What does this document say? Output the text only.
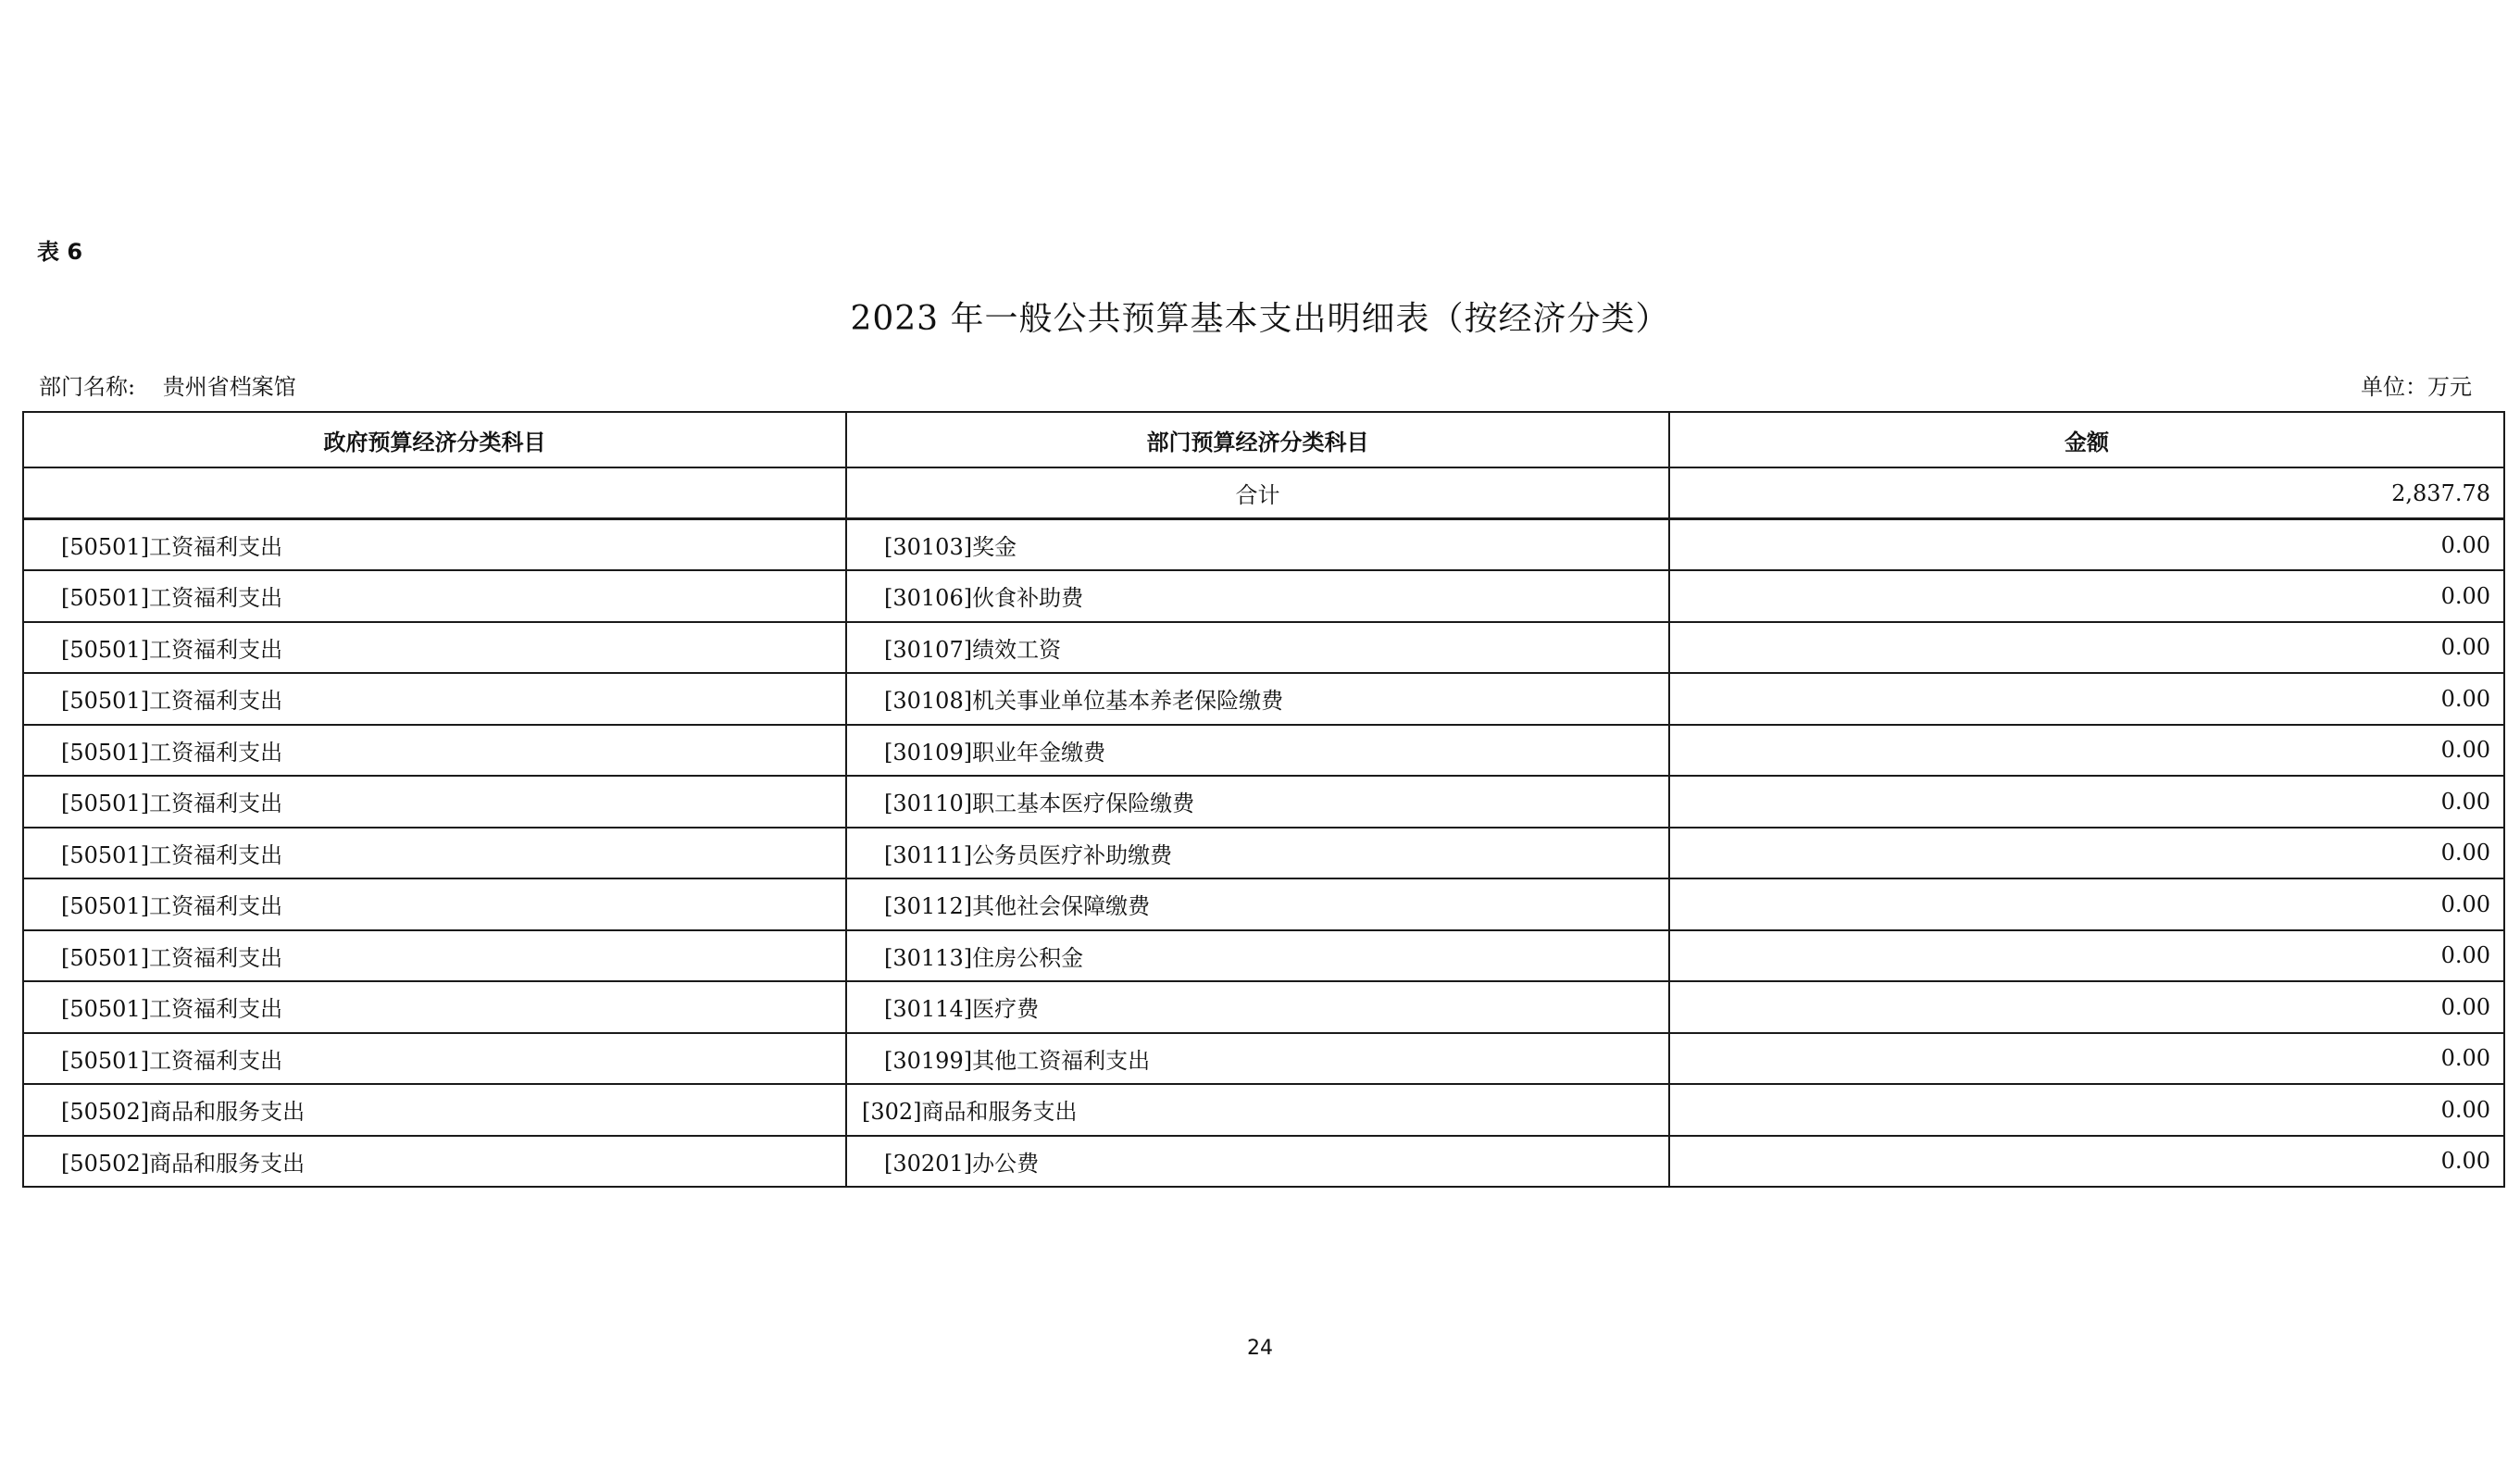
表 6
2023 年一般公共预算基本支出明细表（按经济分类）
部门名称: 贵州省档案馆	单位：万元
政府预算经济分类科目	部门预算经济分类科目	金额
	合计	2,837.78
[50501]工资福利支出	[30103]奖金	0.00
[50501]工资福利支出	[30106]伙食补助费	0.00
[50501]工资福利支出	[30107]绩效工资	0.00
[50501]工资福利支出	[30108]机关事业单位基本养老保险缴费	0.00
[50501]工资福利支出	[30109]职业年金缴费	0.00
[50501]工资福利支出	[30110]职工基本医疗保险缴费	0.00
[50501]工资福利支出	[30111]公务员医疗补助缴费	0.00
[50501]工资福利支出	[30112]其他社会保障缴费	0.00
[50501]工资福利支出	[30113]住房公积金	0.00
[50501]工资福利支出	[30114]医疗费	0.00
[50501]工资福利支出	[30199]其他工资福利支出	0.00
[50502]商品和服务支出	[302]商品和服务支出	0.00
[50502]商品和服务支出	[30201]办公费	0.00
24
